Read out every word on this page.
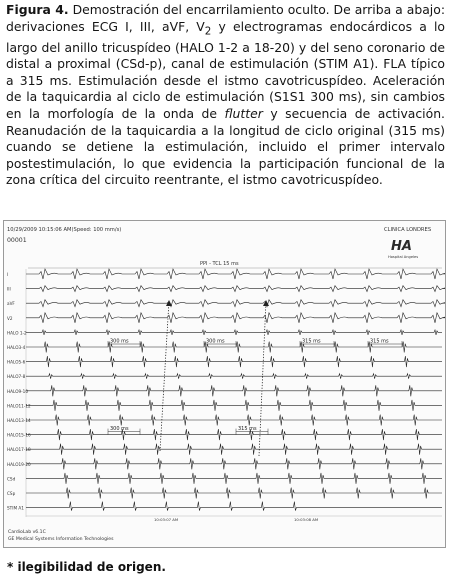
Figura 4. Demostración del encarrilamiento oculto. De arriba a abajo: derivaciones ECG I, III, aVF, $V_2$ y electrogramas endocárdicos a lo largo del anillo tricuspídeo (HALO 1-2 a 18-20) y del seno coronario de distal a proximal (CSd-p), canal de estimulación (STIM A1). FLA típico a 315 ms. Estimulación desde el istmo cavotricuspídeo. Aceleración de la taquicardia al ciclo de estimulación (S1S1 300 ms), sin cambios en la morfología de la onda de flutter y secuencia de activación. Reanudación de la taquicardia a la longitud de ciclo original (315 ms) cuando se detiene la estimulación, incluido el primer intervalo postestimulación, lo que evidencia la participación funcional de la zona crítica del circuito reentrante, el istmo cavotricuspídeo.
10/29/2009 10:15:06 AM(Speed: 100 mm/s)
00001
CLINICA LONDRES
HA
Hospital Angeles
PPI - TCL 15 ms
I
III
aVF
V2
HALO 1-2
HALO3-4
HALO5-6
HALO7-8
HALO9-10
HALO11-12
HALO13-14
HALO15-16
HALO17-18
HALO19-20
CSd
CSp
STIM A1
300 ms	300 ms	315 ms	315 ms
300 ms	315 ms
10:03:07 AM	10:03:08 AM
CardioLab v6.1C
GE Medical Systems Information Technologies
* ilegibilidad de origen.
